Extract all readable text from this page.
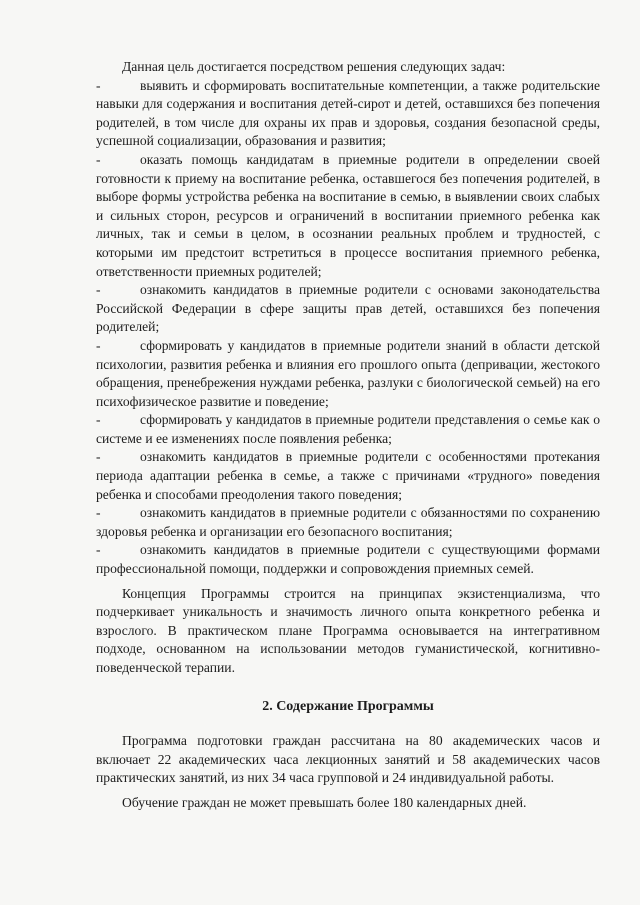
Данная цель достигается посредством решения следующих задач:

-	выявить и сформировать воспитательные компетенции, а также родительские навыки для содержания и воспитания детей-сирот и детей, оставшихся без попечения родителей, в том числе для охраны их прав и здоровья, создания безопасной среды, успешной социализации, образования и развития;

-	оказать помощь кандидатам в приемные родители в определении своей готовности к приему на воспитание ребенка, оставшегося без попечения родителей, в выборе формы устройства ребенка на воспитание в семью, в выявлении своих слабых и сильных сторон, ресурсов и ограничений в воспитании приемного ребенка как личных, так и семьи в целом, в осознании реальных проблем и трудностей, с которыми им предстоит встретиться в процессе воспитания приемного ребенка, ответственности приемных родителей;

-	ознакомить кандидатов в приемные родители с основами законодательства Российской Федерации в сфере защиты прав детей, оставшихся без попечения родителей;

-	сформировать у кандидатов в приемные родители знаний в области детской психологии, развития ребенка и влияния его прошлого опыта (депривации, жестокого обращения, пренебрежения нуждами ребенка, разлуки с биологической семьей) на его психофизическое развитие и поведение;

-	сформировать у кандидатов в приемные родители представления о семье как о системе и ее изменениях после появления ребенка;

-	ознакомить кандидатов в приемные родители с особенностями протекания периода адаптации ребенка в семье, а также с причинами «трудного» поведения ребенка и способами преодоления такого поведения;

-	ознакомить кандидатов в приемные родители с обязанностями по сохранению здоровья ребенка и организации его безопасного воспитания;

-	ознакомить кандидатов в приемные родители с существующими формами профессиональной помощи, поддержки и сопровождения приемных семей.

Концепция Программы строится на принципах экзистенциализма, что подчеркивает уникальность и значимость личного опыта конкретного ребенка и взрослого. В практическом плане Программа основывается на интегративном подходе, основанном на использовании методов гуманистической, когнитивно-поведенческой терапии.

2. Содержание Программы

Программа подготовки граждан рассчитана на 80 академических часов и включает 22 академических часа лекционных занятий и 58 академических часов практических занятий, из них 34 часа групповой и 24 индивидуальной работы.

Обучение граждан не может превышать более 180 календарных дней.
